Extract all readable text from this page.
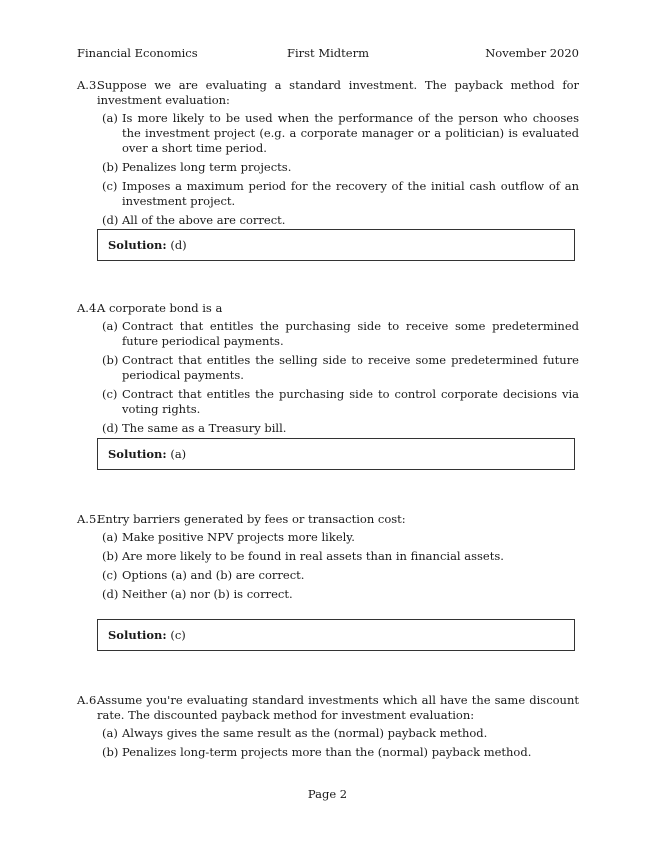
Financial Economics	First Midterm	November 2020
A.3.
Suppose we are evaluating a standard investment. The payback method for investment evaluation:
(a) Is more likely to be used when the performance of the person who chooses the investment project (e.g. a corporate manager or a politician) is evaluated over a short time period.
(b) Penalizes long term projects.
(c) Imposes a maximum period for the recovery of the initial cash outflow of an investment project.
(d) All of the above are correct.
Solution: (d)
A.4.
A corporate bond is a
(a) Contract that entitles the purchasing side to receive some predetermined future periodical payments.
(b) Contract that entitles the selling side to receive some predetermined future periodical payments.
(c) Contract that entitles the purchasing side to control corporate decisions via voting rights.
(d) The same as a Treasury bill.
Solution: (a)
A.5.
Entry barriers generated by fees or transaction cost:
(a) Make positive NPV projects more likely.
(b) Are more likely to be found in real assets than in financial assets.
(c) Options (a) and (b) are correct.
(d) Neither (a) nor (b) is correct.
Solution: (c)
A.6.
Assume you're evaluating standard investments which all have the same discount rate. The discounted payback method for investment evaluation:
(a) Always gives the same result as the (normal) payback method.
(b) Penalizes long-term projects more than the (normal) payback method.
Page 2
